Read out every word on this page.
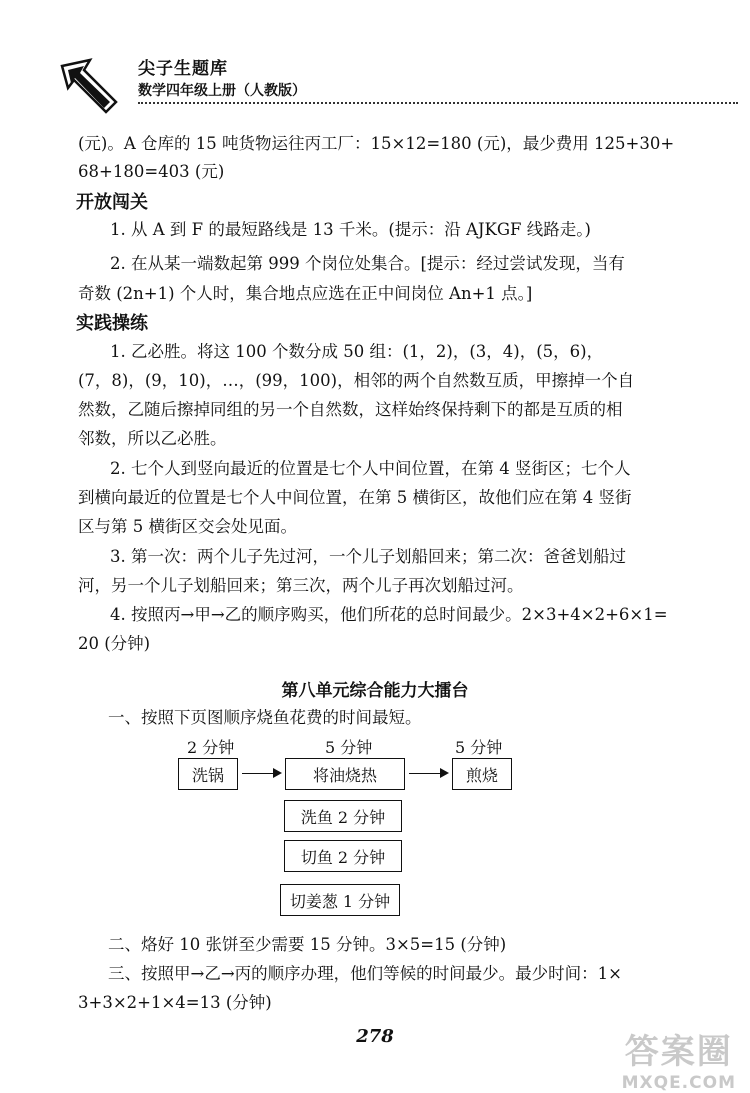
尖子生题库
数学四年级上册（人教版）
(元)。A 仓库的 15 吨货物运往丙工厂：15×12=180 (元)，最少费用 125+30+
68+180=403 (元)
开放闯关
1. 从 A 到 F 的最短路线是 13 千米。(提示：沿 AJKGF 线路走。)
2. 在从某一端数起第 999 个岗位处集合。[提示：经过尝试发现，当有
奇数 (2n+1) 个人时，集合地点应选在正中间岗位 An+1 点。]
实践操练
1. 乙必胜。将这 100 个数分成 50 组：(1，2)，(3，4)，(5，6)，
(7，8)，(9，10)，…，(99，100)，相邻的两个自然数互质，甲擦掉一个自
然数，乙随后擦掉同组的另一个自然数，这样始终保持剩下的都是互质的相
邻数，所以乙必胜。
2. 七个人到竖向最近的位置是七个人中间位置，在第 4 竖街区；七个人
到横向最近的位置是七个人中间位置，在第 5 横街区，故他们应在第 4 竖街
区与第 5 横街区交会处见面。
3. 第一次：两个儿子先过河，一个儿子划船回来；第二次：爸爸划船过
河，另一个儿子划船回来；第三次，两个儿子再次划船过河。
4. 按照丙→甲→乙的顺序购买，他们所花的总时间最少。2×3+4×2+6×1=
20 (分钟)
第八单元综合能力大擂台
一、按照下页图顺序烧鱼花费的时间最短。
2 分钟	5 分钟	5 分钟
洗锅	将油烧热	煎烧
洗鱼 2 分钟
切鱼 2 分钟
切姜葱 1 分钟
二、烙好 10 张饼至少需要 15 分钟。3×5=15 (分钟)
三、按照甲→乙→丙的顺序办理，他们等候的时间最少。最少时间：1×
3+3×2+1×4=13 (分钟)
278	答案圈
MXQE.COM
